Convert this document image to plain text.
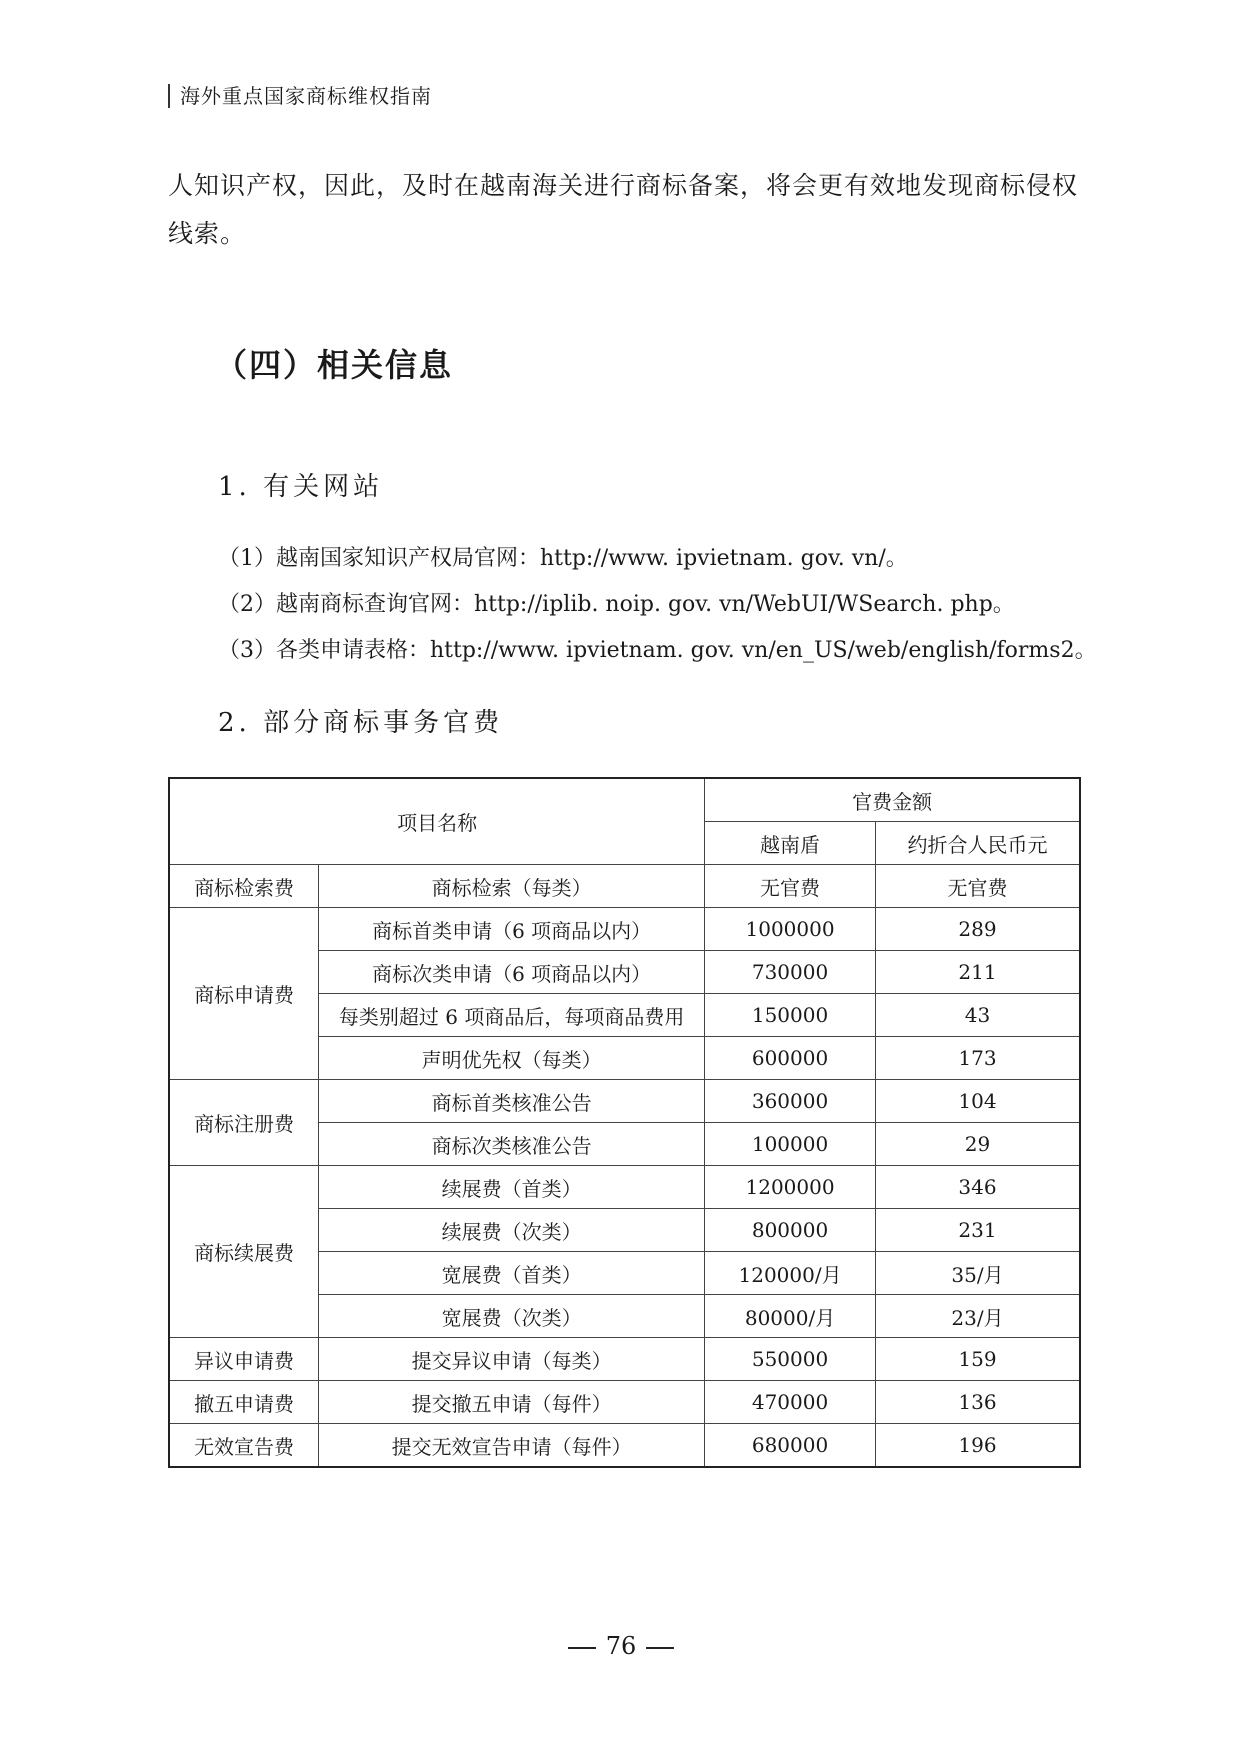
海外重点国家商标维权指南
人知识产权，因此，及时在越南海关进行商标备案，将会更有效地发现商标侵权线索。
（四）相关信息
1. 有关网站
（1）越南国家知识产权局官网：http://www. ipvietnam. gov. vn/。
（2）越南商标查询官网：http://iplib. noip. gov. vn/WebUI/WSearch. php。
（3）各类申请表格：http://www. ipvietnam. gov. vn/en_US/web/english/forms2。
2. 部分商标事务官费
项目名称		官费金额	
		越南盾	约折合人民币元
商标检索费	商标检索（每类）	无官费	无官费
商标申请费	商标首类申请（6 项商品以内）	1000000	289
	商标次类申请（6 项商品以内）	730000	211
	每类别超过 6 项商品后，每项商品费用	150000	43
	声明优先权（每类）	600000	173
商标注册费	商标首类核准公告	360000	104
	商标次类核准公告	100000	29
商标续展费	续展费（首类）	1200000	346
	续展费（次类）	800000	231
	宽展费（首类）	120000/月	35/月
	宽展费（次类）	80000/月	23/月
异议申请费	提交异议申请（每类）	550000	159
撤五申请费	提交撤五申请（每件）	470000	136
无效宣告费	提交无效宣告申请（每件）	680000	196
76
